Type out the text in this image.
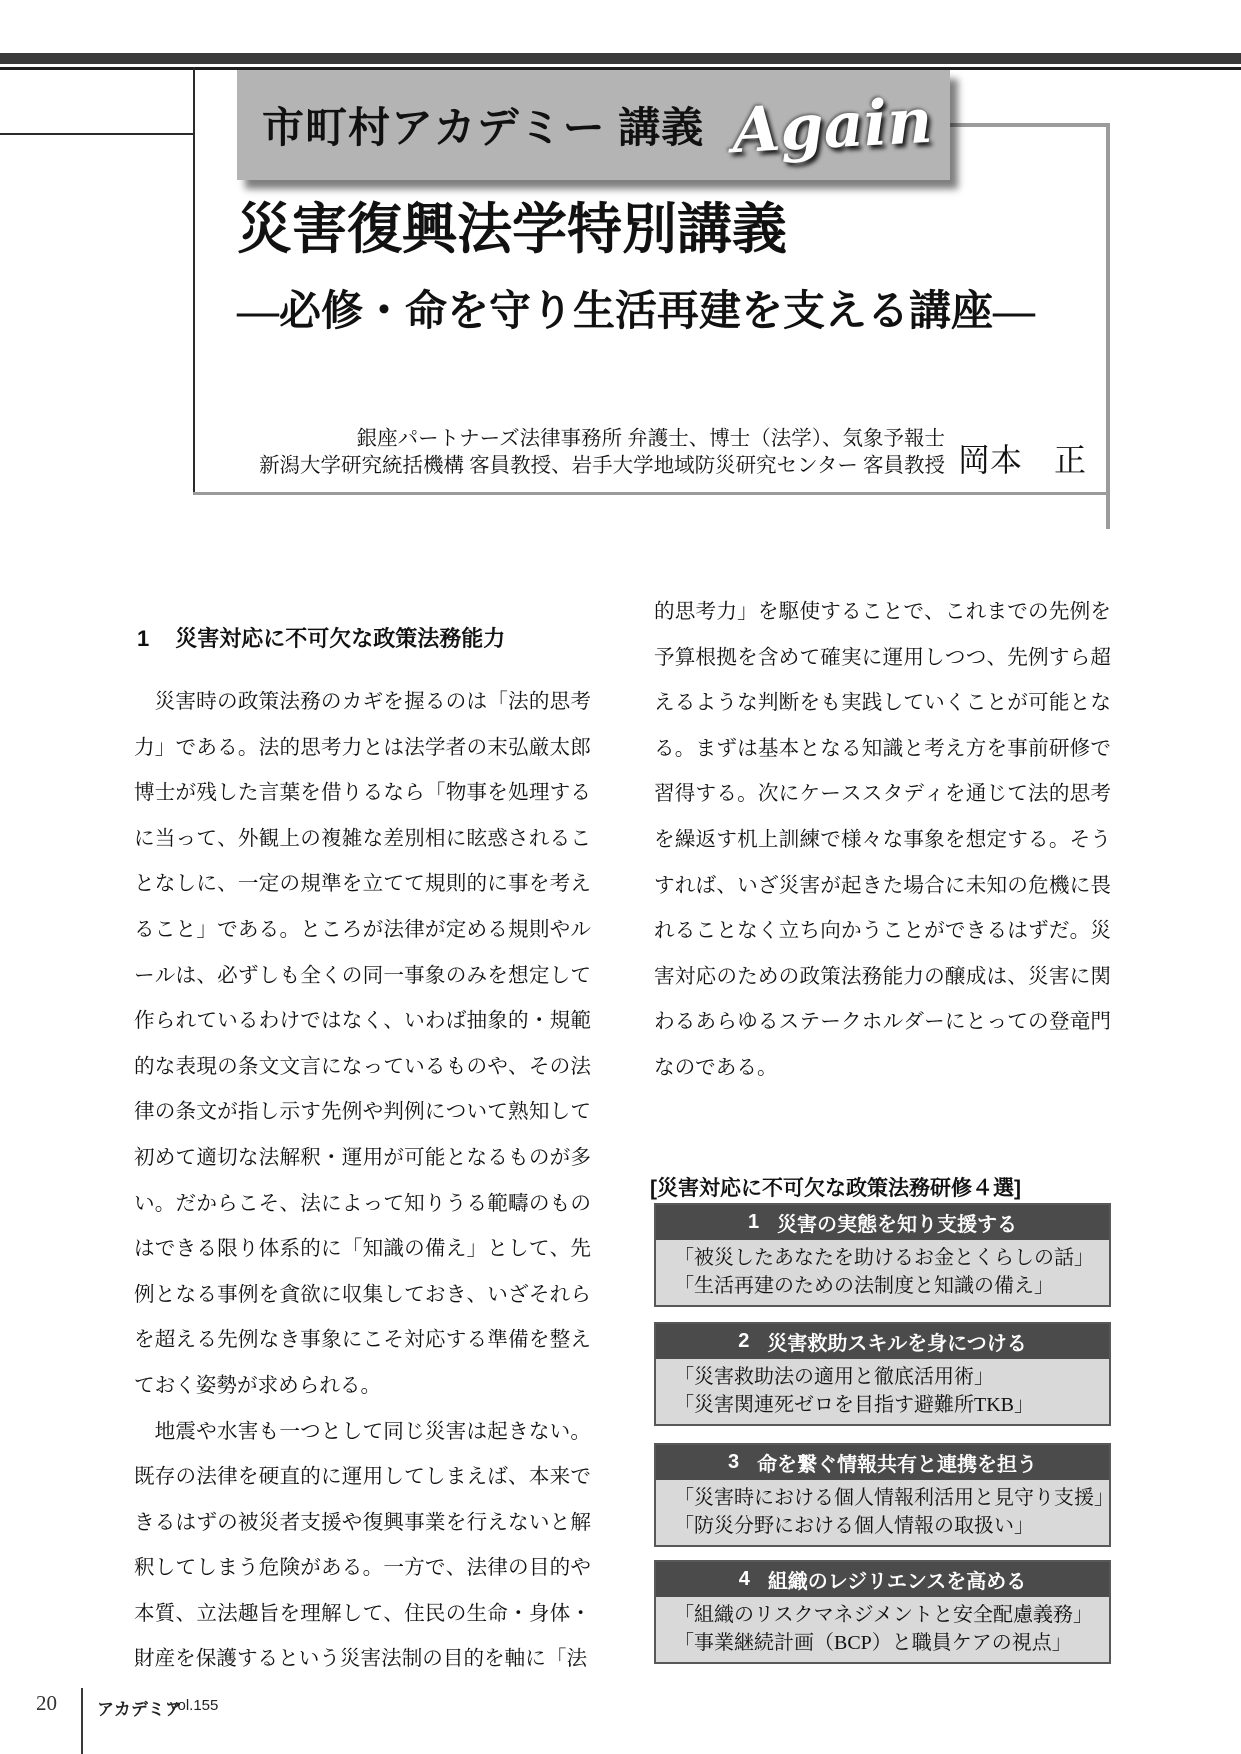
市町村アカデミー 講義 Again
災害復興法学特別講義
―必修・命を守り生活再建を支える講座―
銀座パートナーズ法律事務所 弁護士、博士（法学）、気象予報士
新潟大学研究統括機構 客員教授、岩手大学地域防災研究センター 客員教授 岡本　正
1 災害対応に不可欠な政策法務能力

災害時の政策法務のカギを握るのは「法的思考力」である。法的思考力とは法学者の末弘厳太郎博士が残した言葉を借りるなら「物事を処理するに当って、外観上の複雑な差別相に眩惑されることなしに、一定の規準を立てて規則的に事を考えること」である。ところが法律が定める規則やルールは、必ずしも全くの同一事象のみを想定して作られているわけではなく、いわば抽象的・規範的な表現の条文文言になっているものや、その法律の条文が指し示す先例や判例について熟知して初めて適切な法解釈・運用が可能となるものが多い。だからこそ、法によって知りうる範疇のものはできる限り体系的に「知識の備え」として、先例となる事例を貪欲に収集しておき、いざそれらを超える先例なき事象にこそ対応する準備を整えておく姿勢が求められる。

地震や水害も一つとして同じ災害は起きない。既存の法律を硬直的に運用してしまえば、本来できるはずの被災者支援や復興事業を行えないと解釈してしまう危険がある。一方で、法律の目的や本質、立法趣旨を理解して、住民の生命・身体・財産を保護するという災害法制の目的を軸に「法

的思考力」を駆使することで、これまでの先例を予算根拠を含めて確実に運用しつつ、先例すら超えるような判断をも実践していくことが可能となる。まずは基本となる知識と考え方を事前研修で習得する。次にケーススタディを通じて法的思考を繰返す机上訓練で様々な事象を想定する。そうすれば、いざ災害が起きた場合に未知の危機に畏れることなく立ち向かうことができるはずだ。災害対応のための政策法務能力の醸成は、災害に関わるあらゆるステークホルダーにとっての登竜門なのである。

[災害対応に不可欠な政策法務研修４選]
1 災害の実態を知り支援する
「被災したあなたを助けるお金とくらしの話」
「生活再建のための法制度と知識の備え」
2 災害救助スキルを身につける
「災害救助法の適用と徹底活用術」
「災害関連死ゼロを目指す避難所TKB」
3 命を繋ぐ情報共有と連携を担う
「災害時における個人情報利活用と見守り支援」
「防災分野における個人情報の取扱い」
4 組織のレジリエンスを高める
「組織のリスクマネジメントと安全配慮義務」
「事業継続計画（BCP）と職員ケアの視点」
20 アカデミア
vol.155
